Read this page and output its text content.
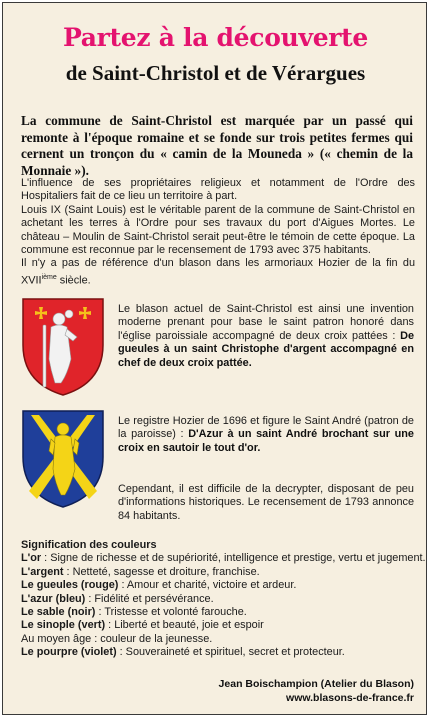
Partez à la découverte
de Saint-Christol et de Vérargues
La commune de Saint-Christol est marquée par un passé qui remonte à l'époque romaine et se fonde sur trois petites fermes qui cernent un tronçon du « camin de la Mouneda » (« chemin de la Monnaie »).

L'influence de ses propriétaires religieux et notamment de l'Ordre des Hospitaliers fait de ce lieu un territoire à part.

Louis IX (Saint Louis) est le véritable parent de la commune de Saint-Christol en achetant les terres à l'Ordre pour ses travaux du port d'Aigues Mortes. Le château – Moulin de Saint-Christol serait peut-être le témoin de cette époque. La commune est reconnue par le recensement de 1793 avec 375 habitants.

Il n'y a pas de référence d'un blason dans les armoriaux Hozier de la fin du XVIIième siècle.

Le blason actuel de Saint-Christol est ainsi une invention moderne prenant pour base le saint patron honoré dans l'église paroissiale accompagné de deux croix pattées : De gueules à un saint Christophe d'argent accompagné en chef de deux croix pattée.

Le registre Hozier de 1696 et figure le Saint André (patron de la paroisse) : D'Azur à un saint André brochant sur une croix en sautoir le tout d'or.

Cependant, il est difficile de la decrypter, disposant de peu d'informations historiques. Le recensement de 1793 annonce 84 habitants.

Signification des couleurs
L'or : Signe de richesse et de supériorité, intelligence et prestige, vertu et jugement.
L'argent : Netteté, sagesse et droiture, franchise.
Le gueules (rouge) : Amour et charité, victoire et ardeur.
L'azur (bleu) : Fidélité et persévérance.
Le sable (noir) : Tristesse et volonté farouche.
Le sinople (vert) : Liberté et beauté, joie et espoir
Au moyen âge : couleur de la jeunesse.
Le pourpre (violet) : Souveraineté et spirituel, secret et protecteur.
Jean Boischampion (Atelier du Blason)
www.blasons-de-france.fr
